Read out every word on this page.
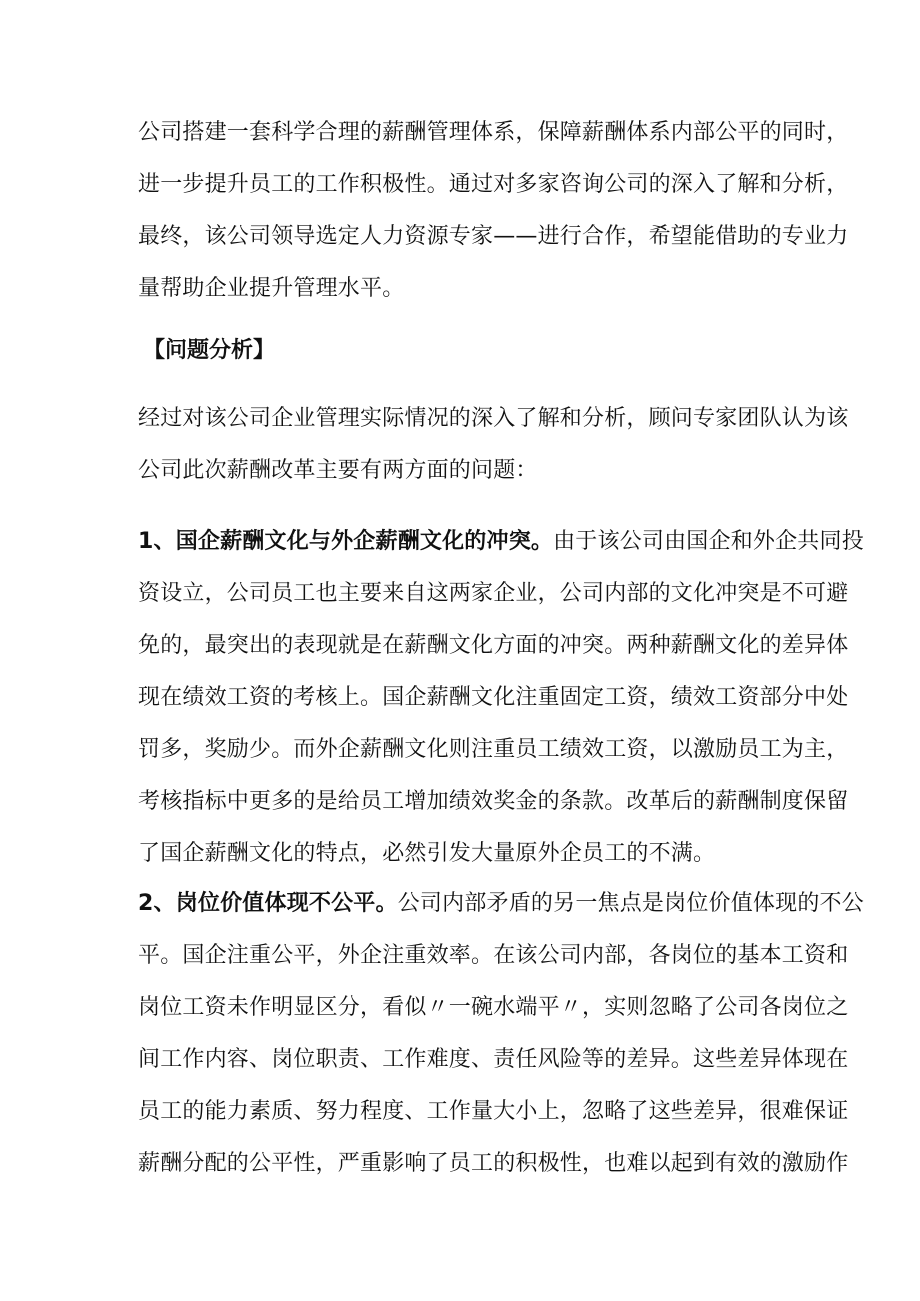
公司搭建一套科学合理的薪酬管理体系，保障薪酬体系内部公平的同时，
进一步提升员工的工作积极性。通过对多家咨询公司的深入了解和分析，
最终，该公司领导选定人力资源专家——进行合作，希望能借助的专业力
量帮助企业提升管理水平。
【问题分析】
经过对该公司企业管理实际情况的深入了解和分析，顾问专家团队认为该
公司此次薪酬改革主要有两方面的问题：
1、国企薪酬文化与外企薪酬文化的冲突。由于该公司由国企和外企共同投
资设立，公司员工也主要来自这两家企业，公司内部的文化冲突是不可避
免的，最突出的表现就是在薪酬文化方面的冲突。两种薪酬文化的差异体
现在绩效工资的考核上。国企薪酬文化注重固定工资，绩效工资部分中处
罚多，奖励少。而外企薪酬文化则注重员工绩效工资，以激励员工为主，
考核指标中更多的是给员工增加绩效奖金的条款。改革后的薪酬制度保留
了国企薪酬文化的特点，必然引发大量原外企员工的不满。
2、岗位价值体现不公平。公司内部矛盾的另一焦点是岗位价值体现的不公
平。国企注重公平，外企注重效率。在该公司内部，各岗位的基本工资和
岗位工资未作明显区分，看似〃一碗水端平〃，实则忽略了公司各岗位之
间工作内容、岗位职责、工作难度、责任风险等的差异。这些差异体现在
员工的能力素质、努力程度、工作量大小上，忽略了这些差异，很难保证
薪酬分配的公平性，严重影响了员工的积极性，也难以起到有效的激励作
